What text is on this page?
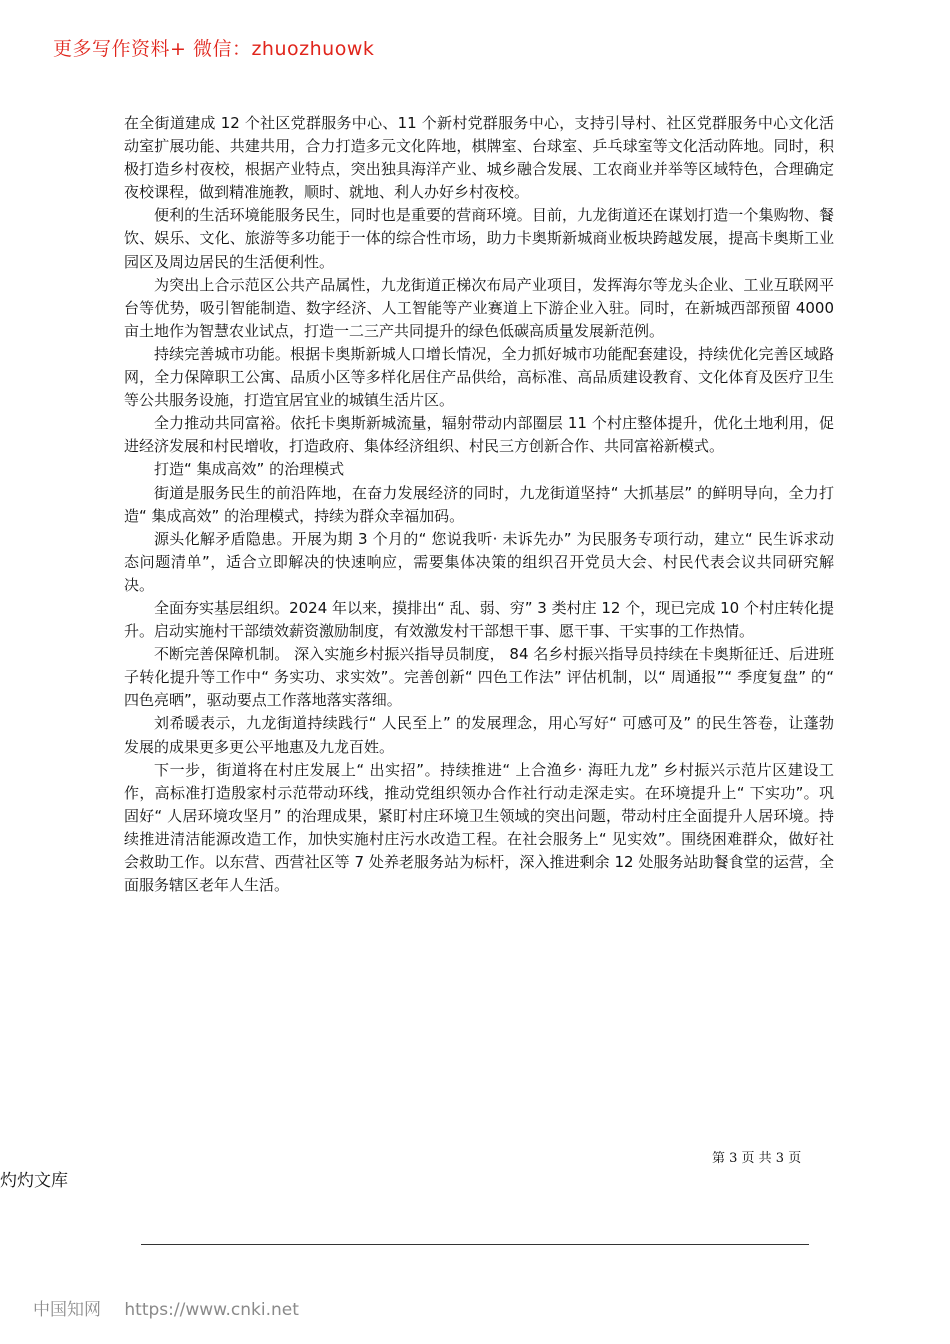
更多写作资料+ 微信：zhuozhuowk

在全街道建成 12 个社区党群服务中心、11 个新村党群服务中心，支持引导村、社区党群服务中心文化活动室扩展功能、共建共用，合力打造多元文化阵地，棋牌室、台球室、乒乓球室等文化活动阵地。同时，积极打造乡村夜校，根据产业特点，突出独具海洋产业、城乡融合发展、工农商业并举等区域特色，合理确定夜校课程，做到精准施教，顺时、就地、利人办好乡村夜校。

便利的生活环境能服务民生，同时也是重要的营商环境。目前，九龙街道还在谋划打造一个集购物、餐饮、娱乐、文化、旅游等多功能于一体的综合性市场，助力卡奥斯新城商业板块跨越发展，提高卡奥斯工业园区及周边居民的生活便利性。

为突出上合示范区公共产品属性，九龙街道正梯次布局产业项目，发挥海尔等龙头企业、工业互联网平台等优势，吸引智能制造、数字经济、人工智能等产业赛道上下游企业入驻。同时，在新城西部预留 4000 亩土地作为智慧农业试点，打造一二三产共同提升的绿色低碳高质量发展新范例。

持续完善城市功能。根据卡奥斯新城人口增长情况，全力抓好城市功能配套建设，持续优化完善区域路网，全力保障职工公寓、品质小区等多样化居住产品供给，高标准、高品质建设教育、文化体育及医疗卫生等公共服务设施，打造宜居宜业的城镇生活片区。

全力推动共同富裕。依托卡奥斯新城流量，辐射带动内部圈层 11 个村庄整体提升，优化土地利用，促进经济发展和村民增收，打造政府、集体经济组织、村民三方创新合作、共同富裕新模式。

打造“ 集成高效” 的治理模式

街道是服务民生的前沿阵地，在奋力发展经济的同时，九龙街道坚持“ 大抓基层” 的鲜明导向，全力打造“ 集成高效” 的治理模式，持续为群众幸福加码。

源头化解矛盾隐患。开展为期 3 个月的“ 您说我听· 未诉先办” 为民服务专项行动，建立“ 民生诉求动态问题清单”，适合立即解决的快速响应，需要集体决策的组织召开党员大会、村民代表会议共同研究解决。

全面夯实基层组织。2024 年以来，摸排出“ 乱、弱、穷” 3 类村庄 12 个，现已完成 10 个村庄转化提升。启动实施村干部绩效薪资激励制度，有效激发村干部想干事、愿干事、干实事的工作热情。

不断完善保障机制。 深入实施乡村振兴指导员制度， 84 名乡村振兴指导员持续在卡奥斯征迁、后进班子转化提升等工作中“ 务实功、求实效”。完善创新“ 四色工作法” 评估机制，以“ 周通报”“ 季度复盘” 的“ 四色亮晒”，驱动要点工作落地落实落细。

刘希暖表示，九龙街道持续践行“ 人民至上” 的发展理念，用心写好“ 可感可及” 的民生答卷，让蓬勃发展的成果更多更公平地惠及九龙百姓。

下一步，街道将在村庄发展上“ 出实招”。持续推进“ 上合渔乡· 海旺九龙” 乡村振兴示范片区建设工作，高标准打造殷家村示范带动环线，推动党组织领办合作社行动走深走实。在环境提升上“ 下实功”。巩固好“ 人居环境攻坚月” 的治理成果，紧盯村庄环境卫生领域的突出问题，带动村庄全面提升人居环境。持续推进清洁能源改造工作，加快实施村庄污水改造工程。在社会服务上“ 见实效”。围绕困难群众，做好社会救助工作。以东营、西营社区等 7 处养老服务站为标杆，深入推进剩余 12 处服务站助餐食堂的运营，全面服务辖区老年人生活。

第 3 页 共 3 页
灼灼文库
中国知网 https://www.cnki.net
